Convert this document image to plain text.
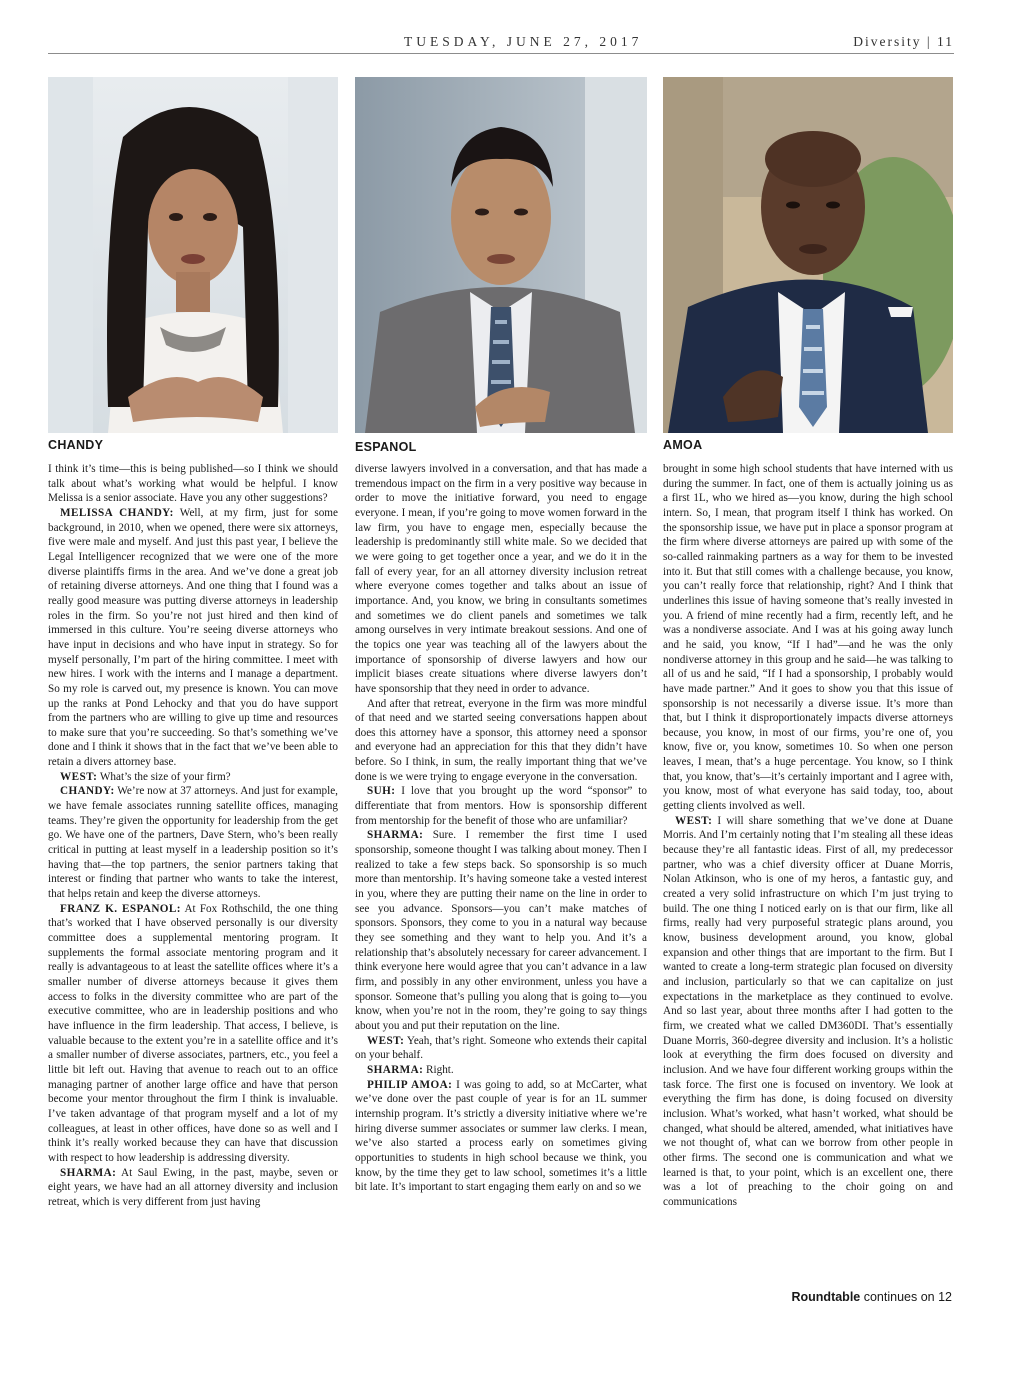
TUESDAY, JUNE 27, 2017	Diversity | 11
CHANDY	ESPANOL	AMOA

I think it’s time—this is being published—so I think we should talk about what’s working what would be helpful. I know Melissa is a senior associate. Have you any other suggestions?

MELISSA CHANDY: Well, at my firm, just for some background, in 2010, when we opened, there were six attorneys, five were male and myself. And just this past year, I believe the Legal Intelligencer recognized that we were one of the more diverse plaintiffs firms in the area. And we’ve done a great job of retaining diverse attorneys. And one thing that I found was a really good measure was putting diverse attorneys in leadership roles in the firm. So you’re not just hired and then kind of immersed in this culture. You’re seeing diverse attorneys who have input in decisions and who have input in strategy. So for myself personally, I’m part of the hiring committee. I meet with new hires. I work with the interns and I manage a department. So my role is carved out, my presence is known. You can move up the ranks at Pond Lehocky and that you do have support from the partners who are willing to give up time and resources to make sure that you’re succeeding. So that’s something we’ve done and I think it shows that in the fact that we’ve been able to retain a divers attorney base.

WEST: What’s the size of your firm?

CHANDY: We’re now at 37 attorneys. And just for example, we have female associates running satellite offices, managing teams. They’re given the opportunity for leadership from the get go. We have one of the partners, Dave Stern, who’s been really critical in putting at least myself in a leadership position so it’s having that—the top partners, the senior partners taking that interest or finding that partner who wants to take the interest, that helps retain and keep the diverse attorneys.

FRANZ K. ESPANOL: At Fox Rothschild, the one thing that’s worked that I have observed personally is our diversity committee does a supplemental mentoring program. It supplements the formal associate mentoring program and it really is advantageous to at least the satellite offices where it’s a smaller number of diverse attorneys because it gives them access to folks in the diversity committee who are part of the executive committee, who are in leadership positions and who have influence in the firm leadership. That access, I believe, is valuable because to the extent you’re in a satellite office and it’s a smaller number of diverse associates, partners, etc., you feel a little bit left out. Having that avenue to reach out to an office managing partner of another large office and have that person become your mentor throughout the firm I think is invaluable. I’ve taken advantage of that program myself and a lot of my colleagues, at least in other offices, have done so as well and I think it’s really worked because they can have that discussion with respect to how leadership is addressing diversity.

SHARMA: At Saul Ewing, in the past, maybe, seven or eight years, we have had an all attorney diversity and inclusion retreat, which is very different from just having

diverse lawyers involved in a conversation, and that has made a tremendous impact on the firm in a very positive way because in order to move the initiative forward, you need to engage everyone. I mean, if you’re going to move women forward in the law firm, you have to engage men, especially because the leadership is predominantly still white male. So we decided that we were going to get together once a year, and we do it in the fall of every year, for an all attorney diversity inclusion retreat where everyone comes together and talks about an issue of importance. And, you know, we bring in consultants sometimes and sometimes we do client panels and sometimes we talk among ourselves in very intimate breakout sessions. And one of the topics one year was teaching all of the lawyers about the importance of sponsorship of diverse lawyers and how our implicit biases create situations where diverse lawyers don’t have sponsorship that they need in order to advance.

And after that retreat, everyone in the firm was more mindful of that need and we started seeing conversations happen about does this attorney have a sponsor, this attorney need a sponsor and everyone had an appreciation for this that they didn’t have before. So I think, in sum, the really important thing that we’ve done is we were trying to engage everyone in the conversation.

SUH: I love that you brought up the word “sponsor” to differentiate that from mentors. How is sponsorship different from mentorship for the benefit of those who are unfamiliar?

SHARMA: Sure. I remember the first time I used sponsorship, someone thought I was talking about money. Then I realized to take a few steps back. So sponsorship is so much more than mentorship. It’s having someone take a vested interest in you, where they are putting their name on the line in order to see you advance. Sponsors—you can’t make matches of sponsors. Sponsors, they come to you in a natural way because they see something and they want to help you. And it’s a relationship that’s absolutely necessary for career advancement. I think everyone here would agree that you can’t advance in a law firm, and possibly in any other environment, unless you have a sponsor. Someone that’s pulling you along that is going to—you know, when you’re not in the room, they’re going to say things about you and put their reputation on the line.

WEST: Yeah, that’s right. Someone who extends their capital on your behalf.

SHARMA: Right.

PHILIP AMOA: I was going to add, so at McCarter, what we’ve done over the past couple of year is for an 1L summer internship program. It’s strictly a diversity initiative where we’re hiring diverse summer associates or summer law clerks. I mean, we’ve also started a process early on sometimes giving opportunities to students in high school because we think, you know, by the time they get to law school, sometimes it’s a little bit late. It’s important to start engaging them early on and so we

brought in some high school students that have interned with us during the summer. In fact, one of them is actually joining us as a first 1L, who we hired as—you know, during the high school intern. So, I mean, that program itself I think has worked. On the sponsorship issue, we have put in place a sponsor program at the firm where diverse attorneys are paired up with some of the so-called rainmaking partners as a way for them to be invested into it. But that still comes with a challenge because, you know, you can’t really force that relationship, right? And I think that underlines this issue of having someone that’s really invested in you. A friend of mine recently had a firm, recently left, and he was a nondiverse associate. And I was at his going away lunch and he said, you know, “If I had”—and he was the only nondiverse attorney in this group and he said—he was talking to all of us and he said, “If I had a sponsorship, I probably would have made partner.” And it goes to show you that this issue of sponsorship is not necessarily a diverse issue. It’s more than that, but I think it disproportionately impacts diverse attorneys because, you know, in most of our firms, you’re one of, you know, five or, you know, sometimes 10. So when one person leaves, I mean, that’s a huge percentage. You know, so I think that, you know, that’s—it’s certainly important and I agree with, you know, most of what everyone has said today, too, about getting clients involved as well.

WEST: I will share something that we’ve done at Duane Morris. And I’m certainly noting that I’m stealing all these ideas because they’re all fantastic ideas. First of all, my predecessor partner, who was a chief diversity officer at Duane Morris, Nolan Atkinson, who is one of my heros, a fantastic guy, and created a very solid infrastructure on which I’m just trying to build. The one thing I noticed early on is that our firm, like all firms, really had very purposeful strategic plans around, you know, business development around, you know, global expansion and other things that are important to the firm. But I wanted to create a long-term strategic plan focused on diversity and inclusion, particularly so that we can capitalize on just expectations in the marketplace as they continued to evolve. And so last year, about three months after I had gotten to the firm, we created what we called DM360DI. That’s essentially Duane Morris, 360-degree diversity and inclusion. It’s a holistic look at everything the firm does focused on diversity and inclusion. And we have four different working groups within the task force. The first one is focused on inventory. We look at everything the firm has done, is doing focused on diversity inclusion. What’s worked, what hasn’t worked, what should be changed, what should be altered, amended, what initiatives have we not thought of, what can we borrow from other people in other firms. The second one is communication and what we learned is that, to your point, which is an excellent one, there was a lot of preaching to the choir going on and communications

Roundtable continues on 12
